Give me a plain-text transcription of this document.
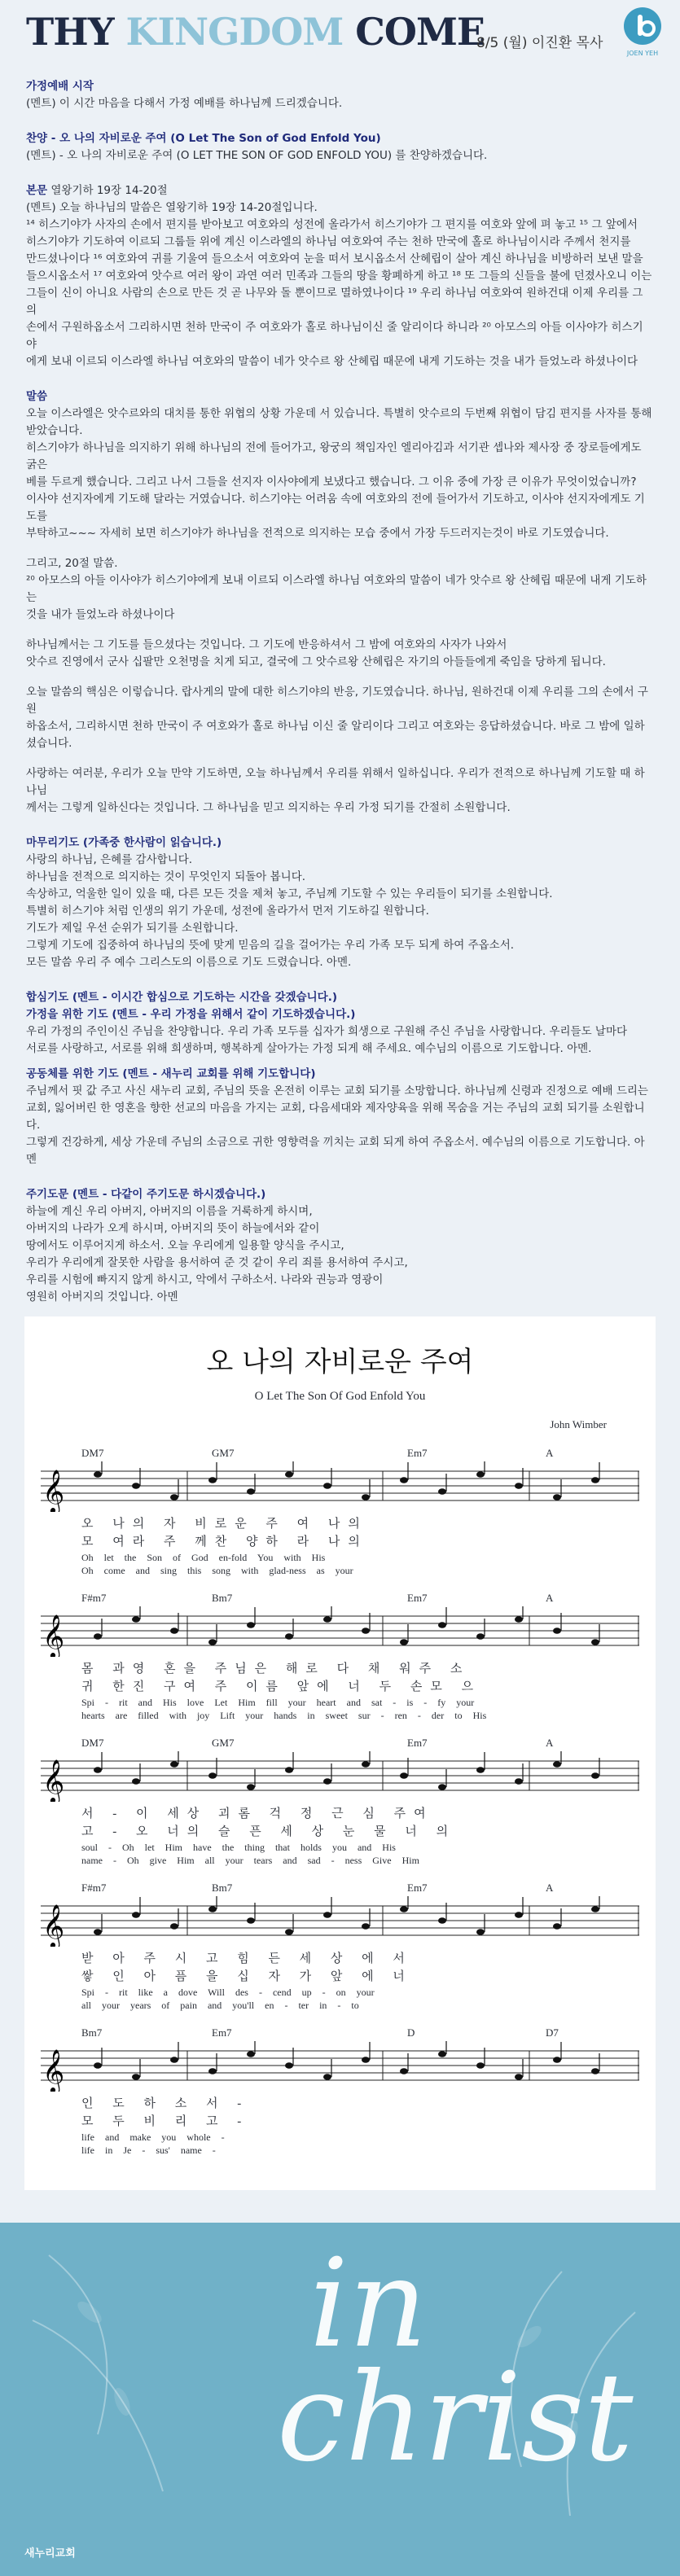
THY KINGDOM COME
8/5 (월) 이진환 목사
JOEN YEH
가정예배 시작
(멘트) 이 시간 마음을 다해서 가정 예배를 하나님께 드리겠습니다.
찬양 - 오 나의 자비로운 주여 (O Let The Son of God Enfold You)
(멘트) - 오 나의 자비로운 주여 (O LET THE SON OF GOD ENFOLD YOU) 를 찬양하겠습니다.
본문 열왕기하 19장 14-20절
(멘트) 오늘 하나님의 말씀은 열왕기하 19장 14-20절입니다.
¹⁴ 히스기야가 사자의 손에서 편지를 받아보고 여호와의 성전에 올라가서 히스기야가 그 편지를 여호와 앞에 펴 놓고 ¹⁵ 그 앞에서
히스기야가 기도하여 이르되 그룹들 위에 계신 이스라엘의 하나님 여호와여 주는 천하 만국에 홀로 하나님이시라 주께서 천지를
만드셨나이다 ¹⁶ 여호와여 귀를 기울여 들으소서 여호와여 눈을 떠서 보시옵소서 산헤립이 살아 계신 하나님을 비방하러 보낸 말을
들으시옵소서 ¹⁷ 여호와여 앗수르 여러 왕이 과연 여러 민족과 그들의 땅을 황폐하게 하고 ¹⁸ 또 그들의 신들을 불에 던졌사오니 이는
그들이 신이 아니요 사람의 손으로 만든 것 곧 나무와 돌 뿐이므로 멸하였나이다 ¹⁹ 우리 하나님 여호와여 원하건대 이제 우리를 그의
손에서 구원하옵소서 그리하시면 천하 만국이 주 여호와가 홀로 하나님이신 줄 알리이다 하니라 ²⁰ 아모스의 아들 이사야가 히스기야
에게 보내 이르되 이스라엘 하나님 여호와의 말씀이 네가 앗수르 왕 산헤립 때문에 내게 기도하는 것을 내가 들었노라 하셨나이다
말씀

오늘 이스라엘은 앗수르와의 대치를 통한 위협의 상황 가운데 서 있습니다. 특별히 앗수르의 두번째 위협이 담김 편지를 사자를 통해
받았습니다.
히스기야가 하나님을 의지하기 위해 하나님의 전에 들어가고, 왕궁의 책임자인 엘리아김과 서기관 셉나와 제사장 중 장로들에게도 굵은
베를 두르게 했습니다. 그리고 나서 그들을 선지자 이사야에게 보냈다고 했습니다. 그 이유 중에 가장 큰 이유가 무엇이었습니까?
이사야 선지자에게 기도해 달라는 거였습니다. 히스기야는 어려움 속에 여호와의 전에 들어가서 기도하고, 이사야 선지자에게도 기도를
부탁하고~~~ 자세히 보면 히스기야가 하나님을 전적으로 의지하는 모습 중에서 가장 두드러지는것이 바로 기도였습니다.

그리고, 20절 말씀.
²⁰ 아모스의 아들 이사야가 히스기야에게 보내 이르되 이스라엘 하나님 여호와의 말씀이 네가 앗수르 왕 산헤립 때문에 내게 기도하는
것을 내가 들었노라 하셨나이다

하나님께서는 그 기도를 들으셨다는 것입니다. 그 기도에 반응하셔서 그 밤에 여호와의 사자가 나와서
앗수르 진영에서 군사 십팔만 오천명을 치게 되고, 결국에 그 앗수르왕 산헤립은 자기의 아들들에게 죽임을 당하게 됩니다.

오늘 말씀의 핵심은 이렇습니다. 랍사게의 말에 대한 히스기야의 반응, 기도였습니다. 하나님, 원하건대 이제 우리를 그의 손에서 구원
하옵소서, 그리하시면 천하 만국이 주 여호와가 홀로 하나님 이신 줄 알리이다 그리고 여호와는 응답하셨습니다. 바로 그 밤에 일하셨습니다.

사랑하는 여러분, 우리가 오늘 만약 기도하면, 오늘 하나님께서 우리를 위해서 일하십니다. 우리가 전적으로 하나님께 기도할 때 하나님
께서는 그렇게 일하신다는 것입니다. 그 하나님을 믿고 의지하는 우리 가정 되기를 간절히 소원합니다.

마무리기도 (가족중 한사람이 읽습니다.)
사랑의 하나님, 은혜를 감사합니다.
하나님을 전적으로 의지하는 것이 무엇인지 되돌아 봅니다.
속상하고, 억울한 일이 있을 때, 다른 모든 것을 제쳐 놓고, 주님께 기도할 수 있는 우리들이 되기를 소원합니다.
특별히 히스기야 처럼 인생의 위기 가운데, 성전에 올라가서 먼저 기도하길 원합니다.
기도가 제일 우선 순위가 되기를 소원합니다.
그렇게 기도에 집중하여 하나님의 뜻에 맞게 믿음의 길을 걸어가는 우리 가족 모두 되게 하여 주옵소서.
모든 말씀 우리 주 예수 그리스도의 이름으로 기도 드렸습니다. 아멘.
합심기도 (멘트 - 이시간 합심으로 기도하는 시간을 갖겠습니다.)
가정을 위한 기도 (멘트 - 우리 가정을 위해서 같이 기도하겠습니다.)
우리 가정의 주인이신 주님을 찬양합니다. 우리 가족 모두를 십자가 희생으로 구원해 주신 주님을 사랑합니다. 우리들도 날마다
서로를 사랑하고, 서로를 위해 희생하며, 행복하게 살아가는 가정 되게 해 주세요. 예수님의 이름으로 기도합니다. 아멘.
공동체를 위한 기도 (멘트 - 새누리 교회를 위해 기도합니다)
주님께서 핏 값 주고 사신 새누리 교회, 주님의 뜻을 온전히 이루는 교회 되기를 소망합니다. 하나님께 신령과 진정으로 예배 드리는
교회, 잃어버린 한 영혼을 향한 선교의 마음을 가지는 교회, 다음세대와 제자양육을 위해 목숨을 거는 주님의 교회 되기를 소원합니다.
그렇게 건강하게, 세상 가운데 주님의 소금으로 귀한 영향력을 끼치는 교회 되게 하여 주옵소서. 예수님의 이름으로 기도합니다. 아멘
주기도문 (멘트 - 다같이 주기도문 하시겠습니다.)
하늘에 계신 우리 아버지, 아버지의 이름을 거룩하게 하시며,
아버지의 나라가 오게 하시며, 아버지의 뜻이 하늘에서와 같이
땅에서도 이루어지게 하소서. 오늘 우리에게 일용할 양식을 주시고,
우리가 우리에게 잘못한 사람을 용서하여 준 것 같이 우리 죄를 용서하여 주시고,
우리를 시험에 빠지지 않게 하시고, 악에서 구하소서. 나라와 권능과 영광이
영원히 아버지의 것입니다. 아멘
오 나의 자비로운 주여
O Let The Son Of God Enfold You
John Wimber
DM7	GM7	Em7	A
𝄞
오 나의 자 비로운 주 여 나의
모 여라 주 께찬 양하 라 나의
Oh let the Son of God en-fold You with His
Oh come and sing this song with glad-ness as your
F#m7	Bm7	Em7	A
𝄞
몸 과영 혼을 주님은 해로 다 채 워주 소
귀 한진 구여 주 이름 앞에 너 두 손모 으
Spi - rit and His love Let Him fill your heart and sat - is - fy your
hearts are filled with joy Lift your hands in sweet sur - ren - der to His
DM7	GM7	Em7	A
𝄞
서 - 이 세상 괴롬 걱 정 근 심 주여
고 - 오 너의 슬 픈 세 상 눈 물 너 의
soul - Oh let Him have the thing that holds you and His
name - Oh give Him all your tears and sad - ness Give Him
F#m7	Bm7	Em7	A
𝄞
받 아 주 시 고 힘 든 세 상 에 서
쌓 인 아 픔 을 십 자 가 앞 에 너
Spi - rit like a dove Will des - cend up - on your
all your years of pain and you'll en - ter in - to
Bm7	Em7	D	D7
𝄞
인 도 하 소 서 -
모 두 비 리 고 -
life and make you whole -
life in Je - sus' name -
in
christ
새누리교회
